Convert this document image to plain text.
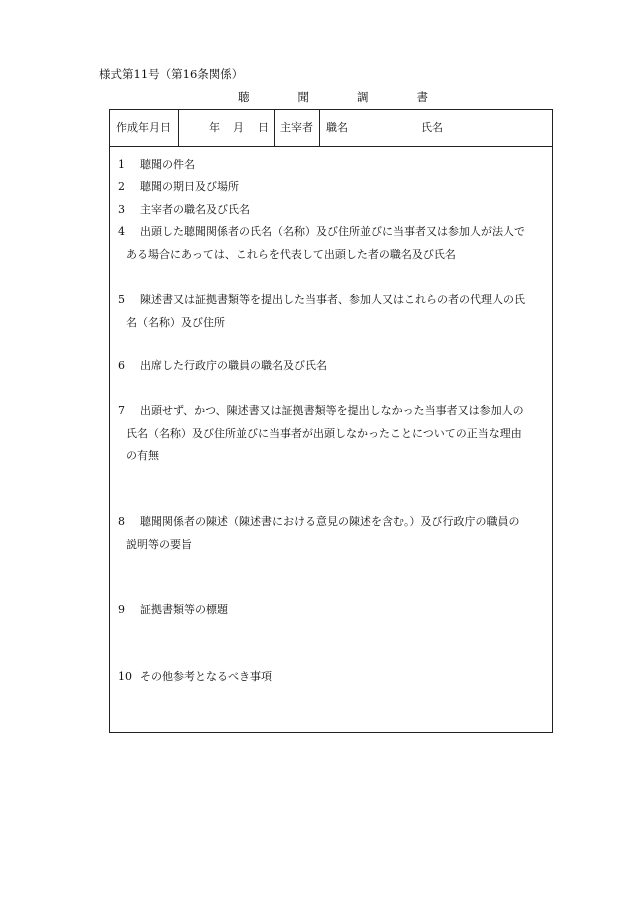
様式第11号（第16条関係）
聴	聞	調	書
作成年月日	年 月 日 主宰者 職名	氏名
1 聴聞の件名
2 聴聞の期日及び場所
3 主宰者の職名及び氏名
4 出頭した聴聞関係者の氏名（名称）及び住所並びに当事者又は参加人が法人で
ある場合にあっては、これらを代表して出頭した者の職名及び氏名
5 陳述書又は証拠書類等を提出した当事者、参加人又はこれらの者の代理人の氏
名（名称）及び住所
6 出席した行政庁の職員の職名及び氏名
7 出頭せず、かつ、陳述書又は証拠書類等を提出しなかった当事者又は参加人の
氏名（名称）及び住所並びに当事者が出頭しなかったことについての正当な理由
の有無
8 聴聞関係者の陳述（陳述書における意見の陳述を含む。）及び行政庁の職員の
説明等の要旨
9 証拠書類等の標題
10 その他参考となるべき事項
